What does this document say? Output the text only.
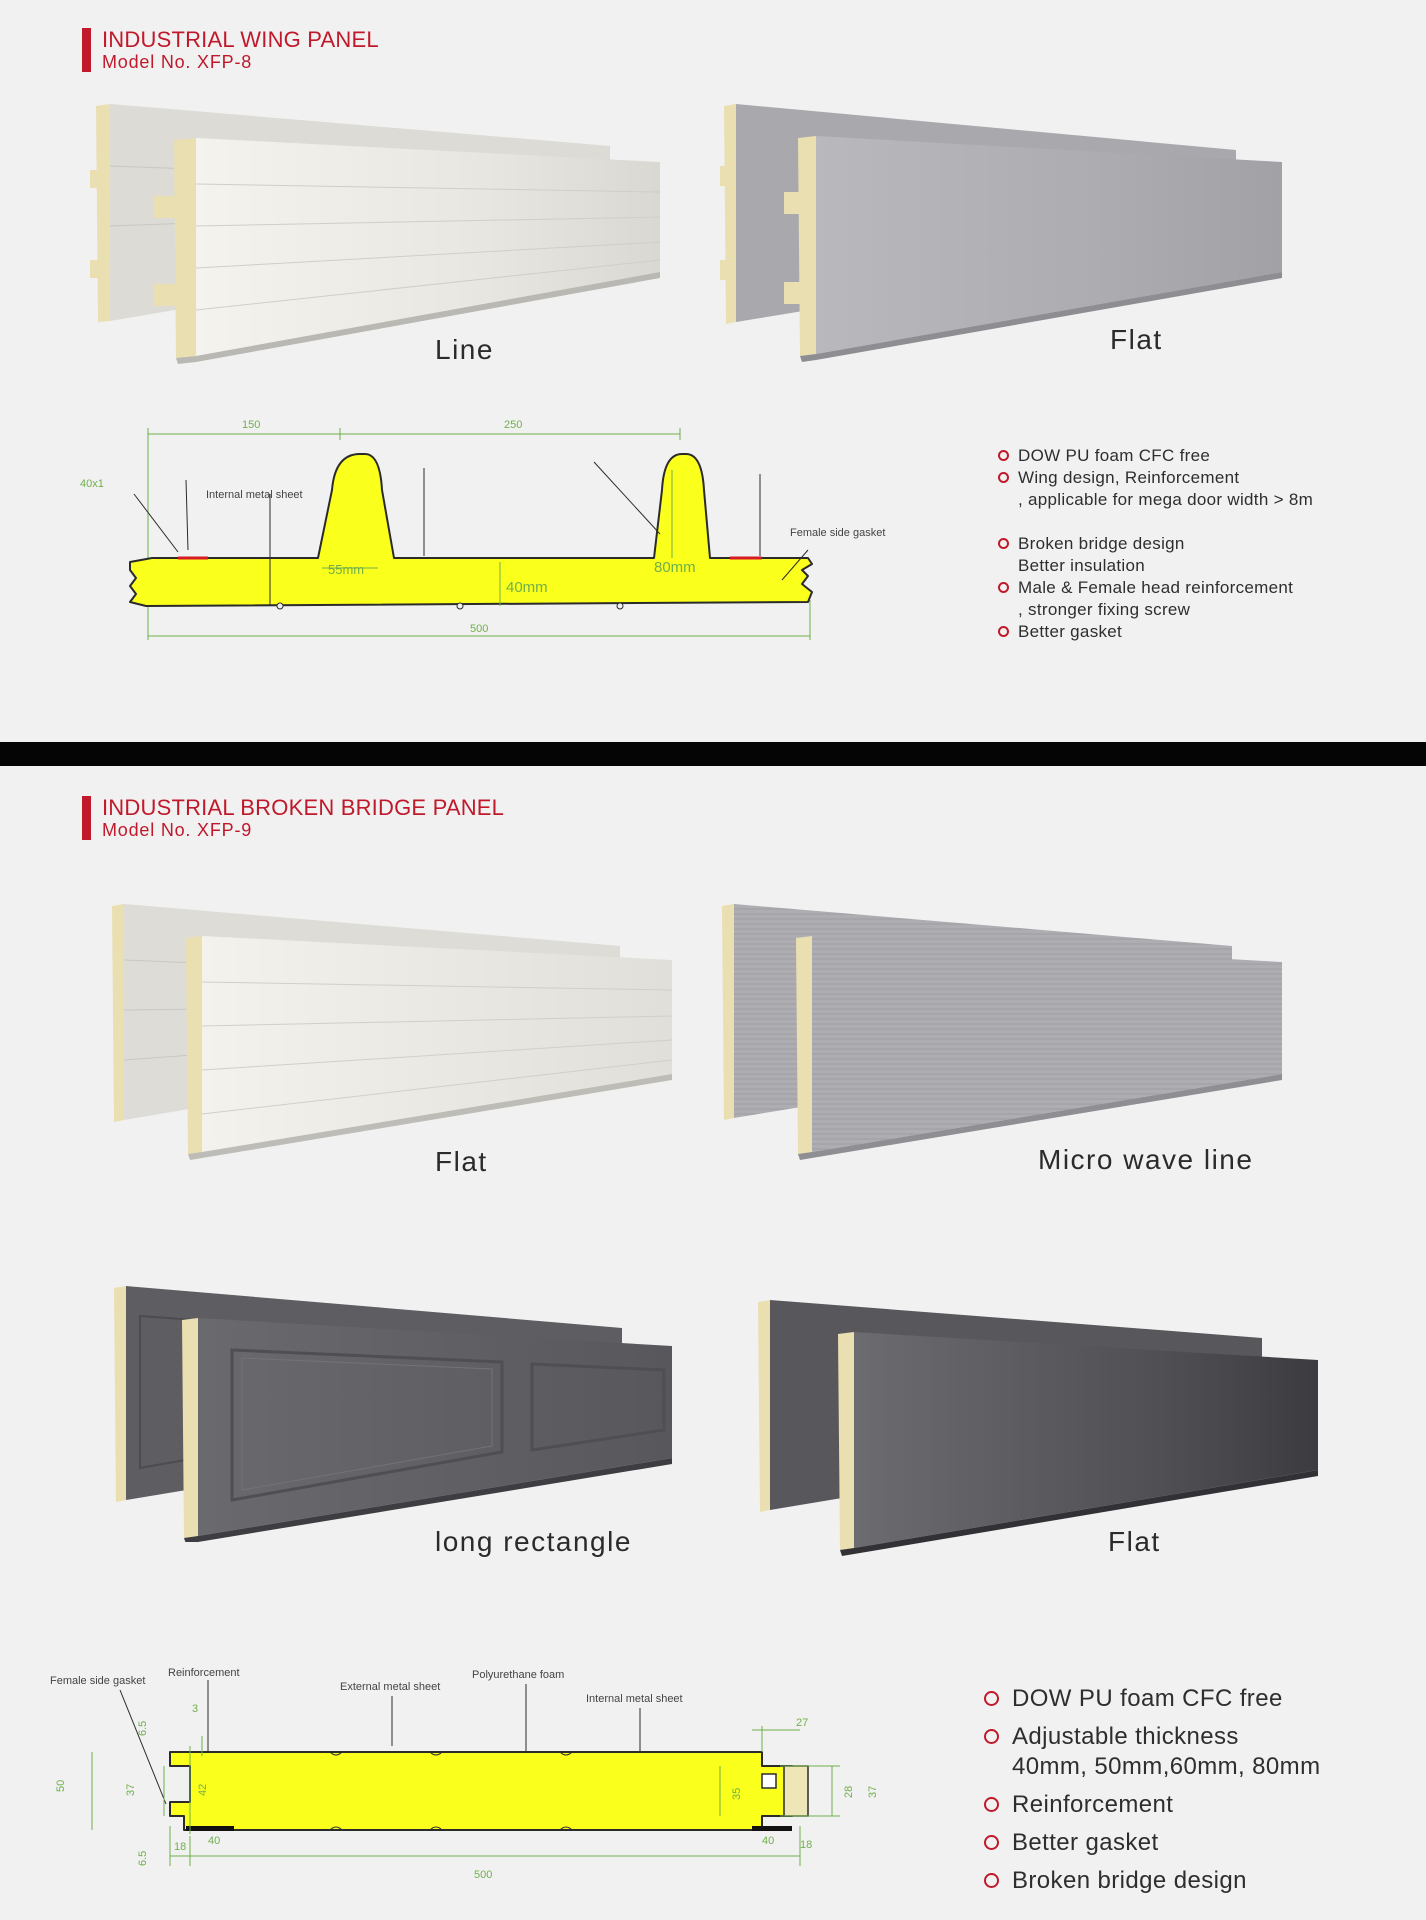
INDUSTRIAL WING PANEL
Model No. XFP-8
Line	Flat
150	250
500
40x1
55mm	80mm
40mm
Internal metal sheet
Female side gasket
DOW PU foam CFC free
Wing design, Reinforcement
, applicable for mega door width > 8m
Broken bridge design
Better insulation
Male & Female head reinforcement
, stronger fixing screw
Better gasket
INDUSTRIAL BROKEN BRIDGE PANEL
Model No. XFP-9
Flat	Micro wave line
long rectangle	Flat
Female side gasket
Reinforcement
External metal sheet
Polyurethane foam
Internal metal sheet
50
3
6.5
37	42
6.5
18 40
500
35
27
28 37
40 18
DOW PU foam CFC free
Adjustable thickness
40mm, 50mm,60mm, 80mm
Reinforcement
Better gasket
Broken bridge design
